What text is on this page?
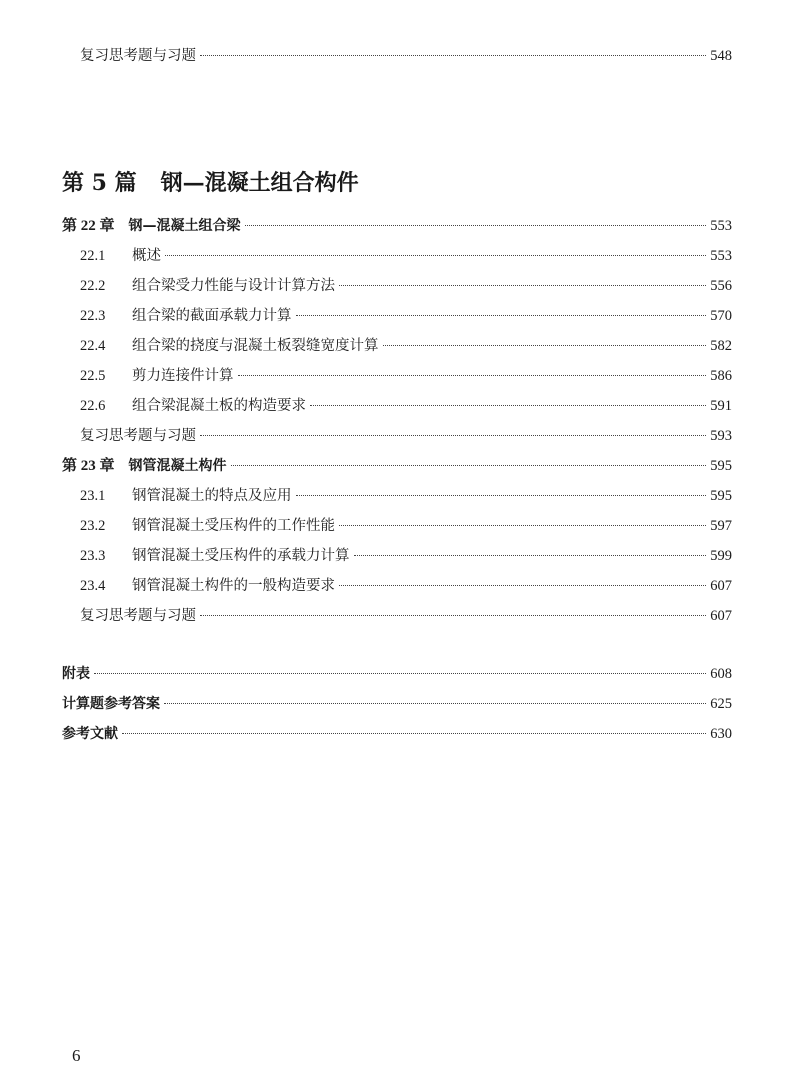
复习思考题与习题	548
第 5 篇 钢—混凝土组合构件
第 22 章 钢—混凝土组合梁	553
22.1	概述	553
22.2	组合梁受力性能与设计计算方法	556
22.3	组合梁的截面承载力计算	570
22.4	组合梁的挠度与混凝土板裂缝宽度计算	582
22.5	剪力连接件计算	586
22.6	组合梁混凝土板的构造要求	591
复习思考题与习题	593
第 23 章 钢管混凝土构件	595
23.1	钢管混凝土的特点及应用	595
23.2	钢管混凝土受压构件的工作性能	597
23.3	钢管混凝土受压构件的承载力计算	599
23.4	钢管混凝土构件的一般构造要求	607
复习思考题与习题	607
附表	608
计算题参考答案	625
参考文献	630
6
